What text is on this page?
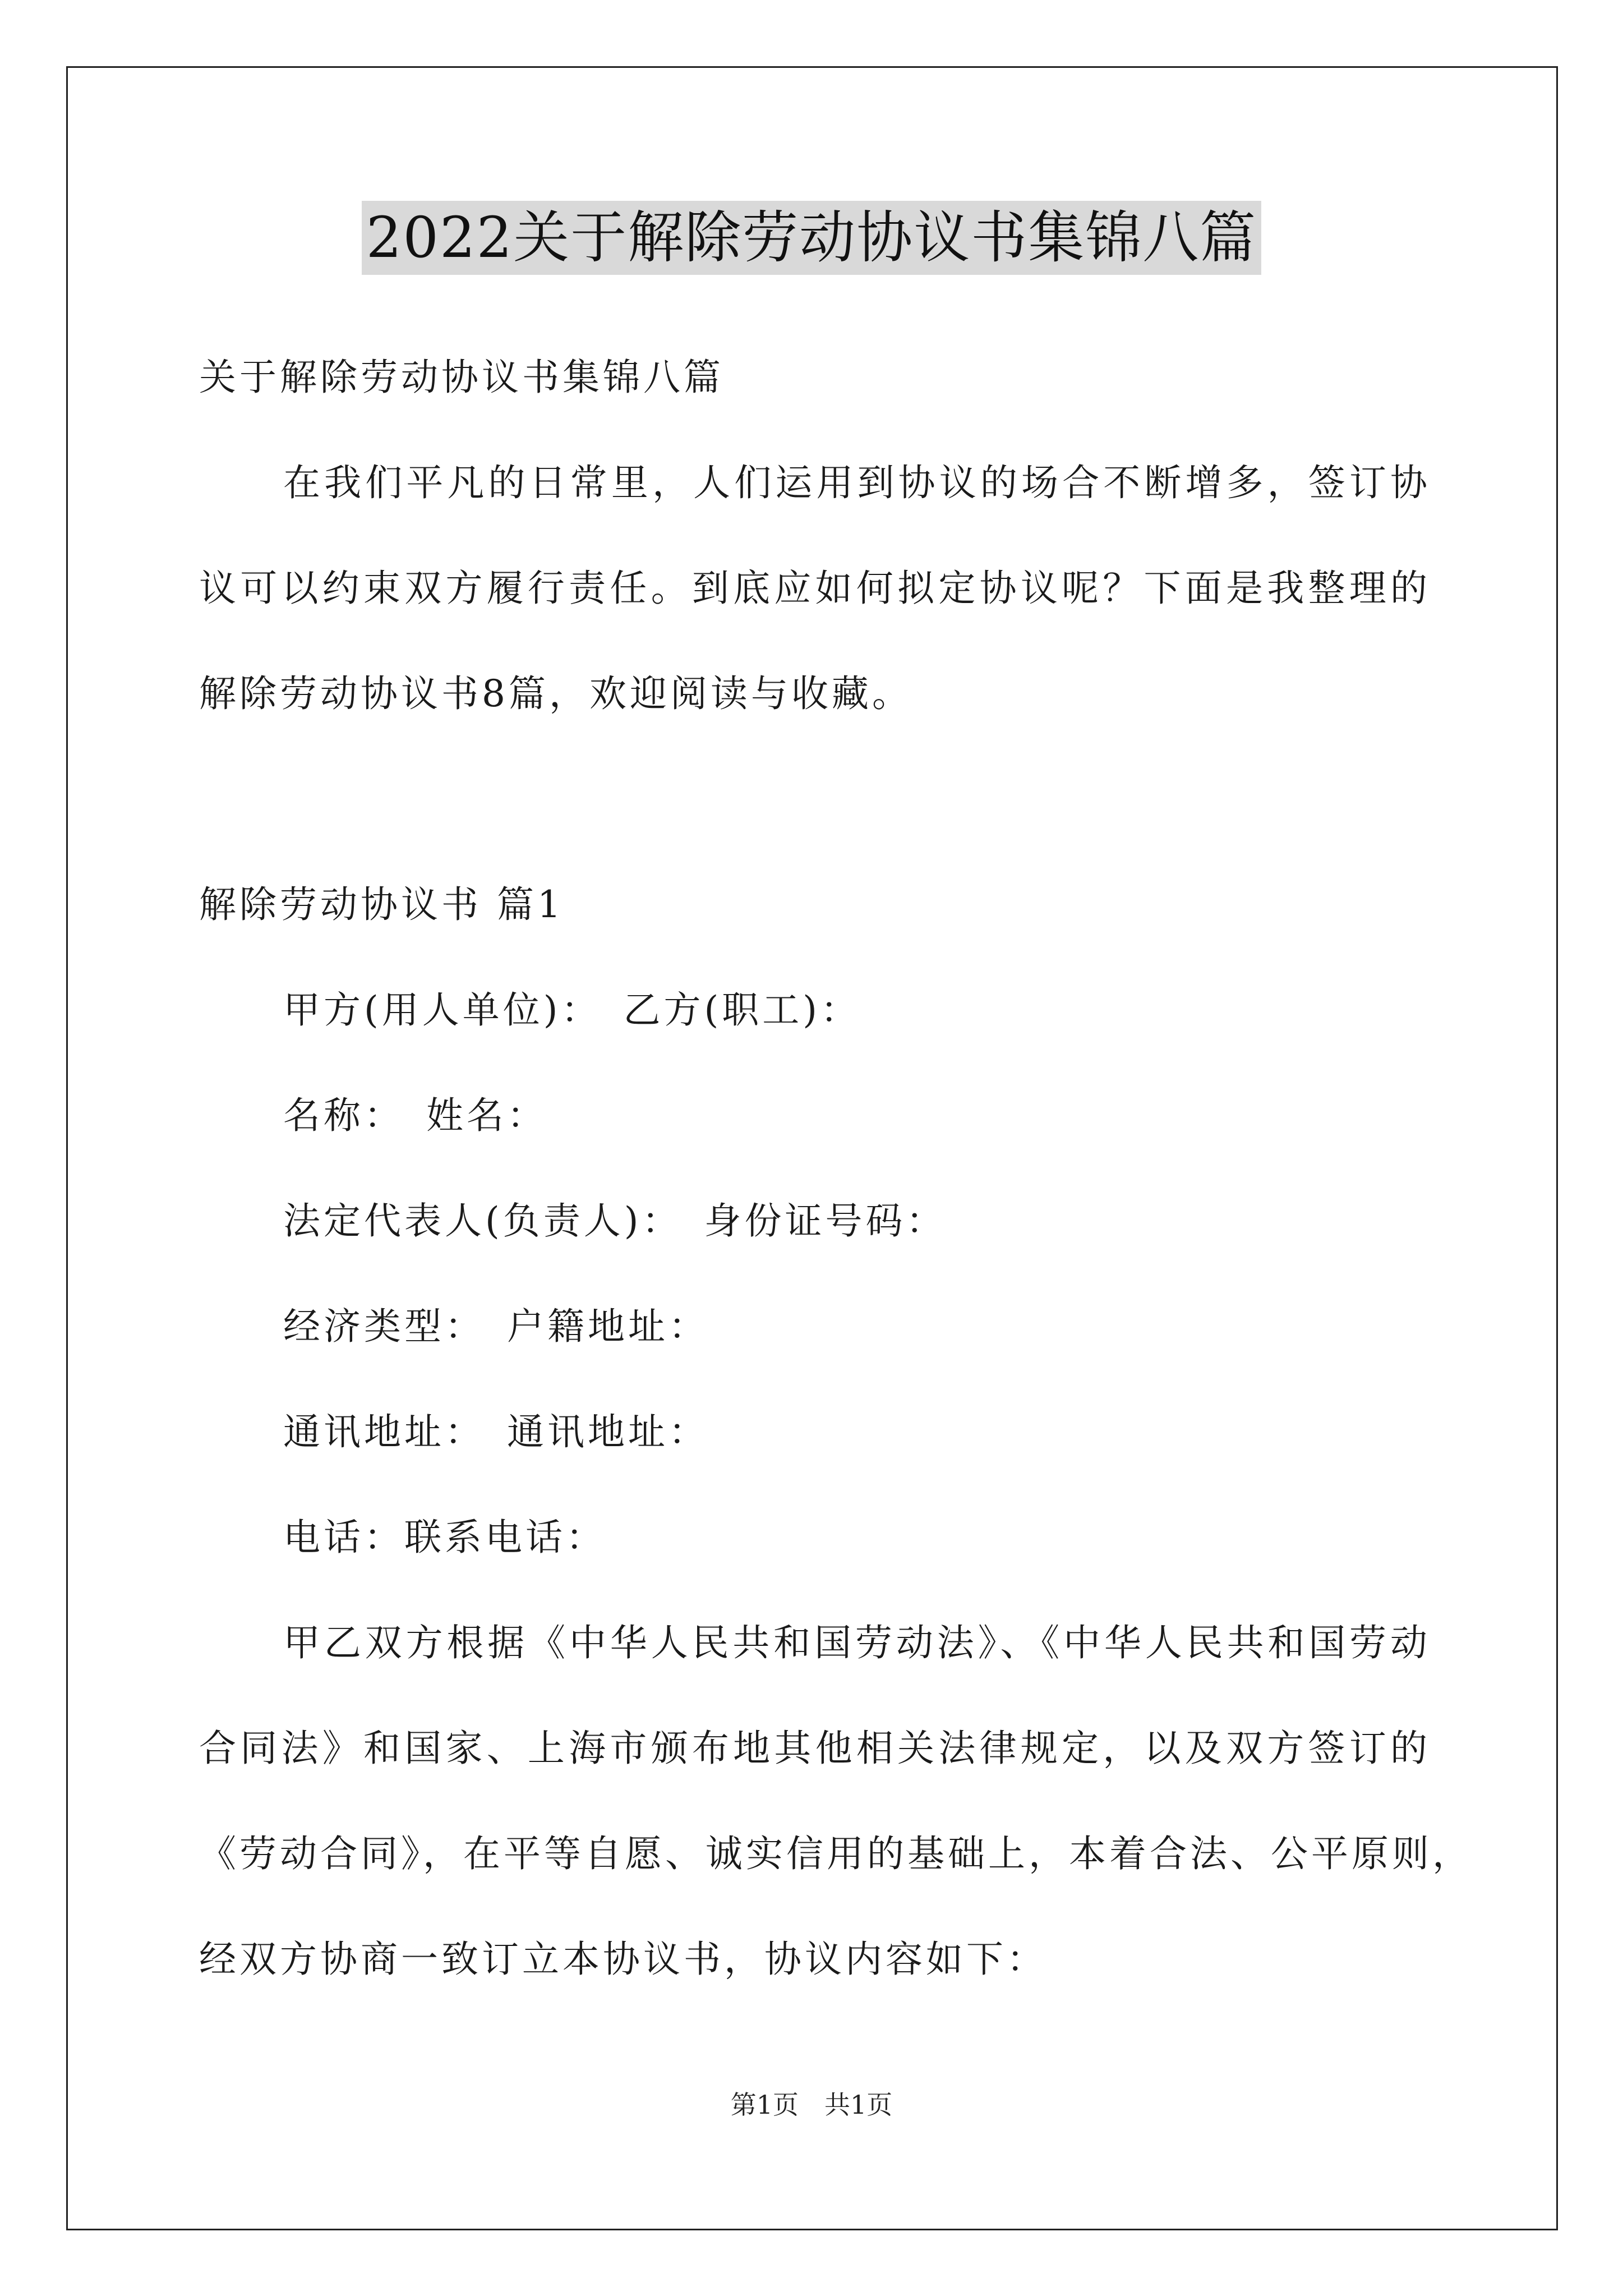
2022关于解除劳动协议书集锦八篇
关于解除劳动协议书集锦八篇
在我们平凡的日常里，人们运用到协议的场合不断增多，签订协
议可以约束双方履行责任。到底应如何拟定协议呢？下面是我整理的
解除劳动协议书8篇，欢迎阅读与收藏。
解除劳动协议书 篇1
甲方(用人单位)：　乙方(职工)：
名称：　姓名：
法定代表人(负责人)：　身份证号码：
经济类型：　户籍地址：
通讯地址：　通讯地址：
电话：联系电话：
甲乙双方根据《中华人民共和国劳动法》、《中华人民共和国劳动
合同法》和国家、上海市颁布地其他相关法律规定，以及双方签订的
《劳动合同》，在平等自愿、诚实信用的基础上，本着合法、公平原则，
经双方协商一致订立本协议书，协议内容如下：
第1页　共1页
